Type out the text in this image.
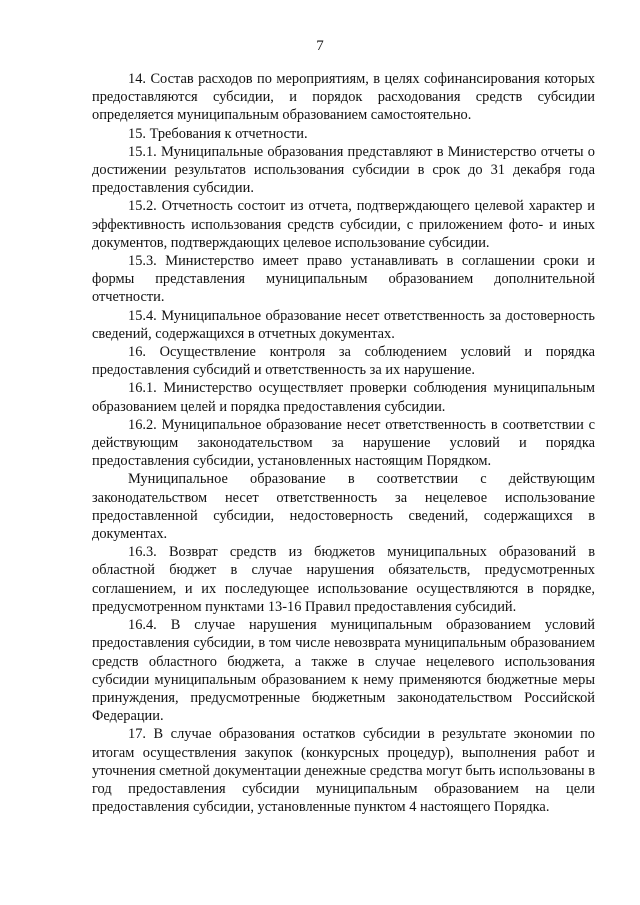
7

14. Состав расходов по мероприятиям, в целях софинансирования которых предоставляются субсидии, и порядок расходования средств субсидии определяется муниципальным образованием самостоятельно.

15. Требования к отчетности.

15.1. Муниципальные образования представляют в Министерство отчеты о достижении результатов использования субсидии в срок до 31 декабря года предоставления субсидии.

15.2. Отчетность состоит из отчета, подтверждающего целевой характер и эффективность использования средств субсидии, с приложением фото- и иных документов, подтверждающих целевое использование субсидии.

15.3. Министерство имеет право устанавливать в соглашении сроки и формы представления муниципальным образованием дополнительной отчетности.

15.4. Муниципальное образование несет ответственность за достоверность сведений, содержащихся в отчетных документах.

16. Осуществление контроля за соблюдением условий и порядка предоставления субсидий и ответственность за их нарушение.

16.1. Министерство осуществляет проверки соблюдения муниципальным образованием целей и порядка предоставления субсидии.

16.2. Муниципальное образование несет ответственность в соответствии с действующим законодательством за нарушение условий и порядка предоставления субсидии, установленных настоящим Порядком.

Муниципальное образование в соответствии с действующим законодательством несет ответственность за нецелевое использование предоставленной субсидии, недостоверность сведений, содержащихся в документах.

16.3. Возврат средств из бюджетов муниципальных образований в областной бюджет в случае нарушения обязательств, предусмотренных соглашением, и их последующее использование осуществляются в порядке, предусмотренном пунктами 13-16 Правил предоставления субсидий.

16.4. В случае нарушения муниципальным образованием условий предоставления субсидии, в том числе невозврата муниципальным образованием средств областного бюджета, а также в случае нецелевого использования субсидии муниципальным образованием к нему применяются бюджетные меры принуждения, предусмотренные бюджетным законодательством Российской Федерации.

17. В случае образования остатков субсидии в результате экономии по итогам осуществления закупок (конкурсных процедур), выполнения работ и уточнения сметной документации денежные средства могут быть использованы в год предоставления субсидии муниципальным образованием на цели предоставления субсидии, установленные пунктом 4 настоящего Порядка.
